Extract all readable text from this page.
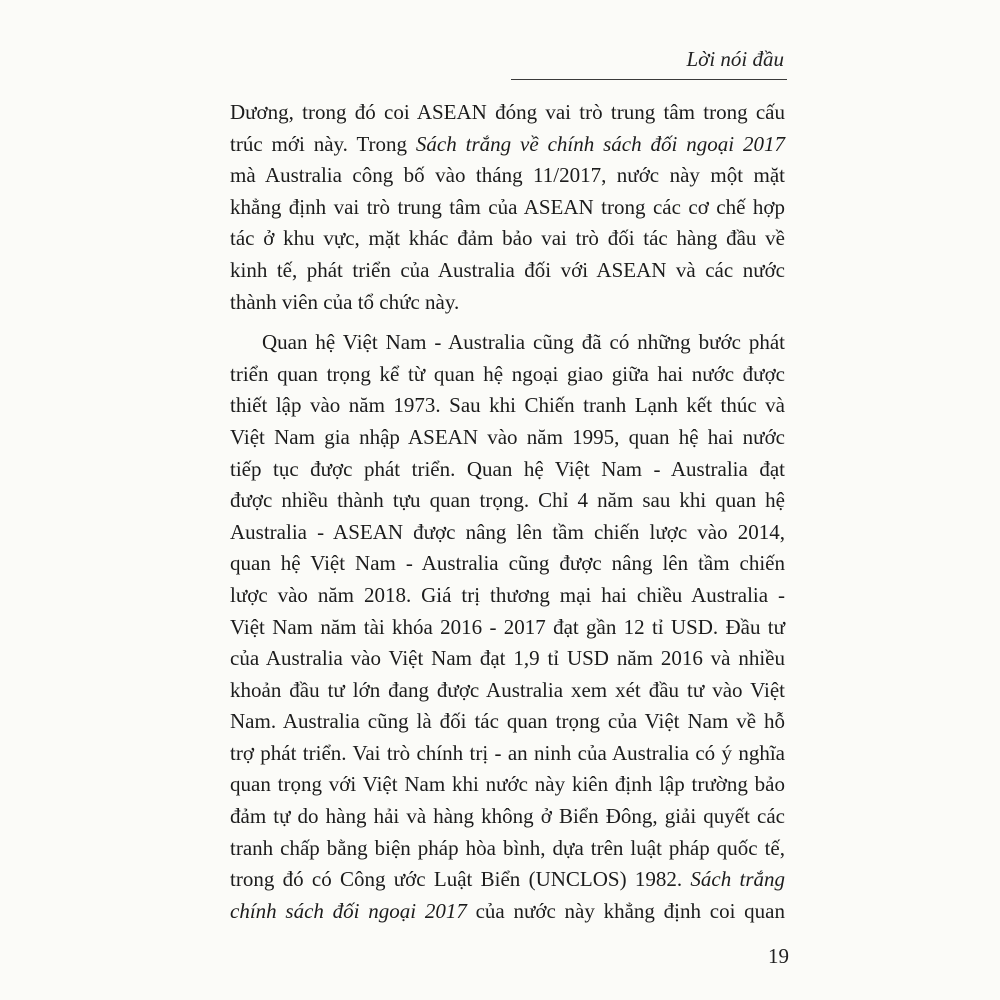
Lời nói đầu
Dương, trong đó coi ASEAN đóng vai trò trung tâm trong cấu
trúc mới này. Trong Sách trắng về chính sách đối ngoại 2017
mà Australia công bố vào tháng 11/2017, nước này một mặt
khẳng định vai trò trung tâm của ASEAN trong các cơ chế hợp
tác ở khu vực, mặt khác đảm bảo vai trò đối tác hàng đầu về
kinh tế, phát triển của Australia đối với ASEAN và các nước
thành viên của tổ chức này.
Quan hệ Việt Nam - Australia cũng đã có những bước phát
triển quan trọng kể từ quan hệ ngoại giao giữa hai nước được
thiết lập vào năm 1973. Sau khi Chiến tranh Lạnh kết thúc và
Việt Nam gia nhập ASEAN vào năm 1995, quan hệ hai nước
tiếp tục được phát triển. Quan hệ Việt Nam - Australia đạt
được nhiều thành tựu quan trọng. Chỉ 4 năm sau khi quan hệ
Australia - ASEAN được nâng lên tầm chiến lược vào 2014,
quan hệ Việt Nam - Australia cũng được nâng lên tầm chiến
lược vào năm 2018. Giá trị thương mại hai chiều Australia -
Việt Nam năm tài khóa 2016 - 2017 đạt gần 12 tỉ USD. Đầu tư
của Australia vào Việt Nam đạt 1,9 tỉ USD năm 2016 và nhiều
khoản đầu tư lớn đang được Australia xem xét đầu tư vào Việt
Nam. Australia cũng là đối tác quan trọng của Việt Nam về hỗ
trợ phát triển. Vai trò chính trị - an ninh của Australia có ý nghĩa
quan trọng với Việt Nam khi nước này kiên định lập trường bảo
đảm tự do hàng hải và hàng không ở Biển Đông, giải quyết các
tranh chấp bằng biện pháp hòa bình, dựa trên luật pháp quốc tế,
trong đó có Công ước Luật Biển (UNCLOS) 1982. Sách trắng
chính sách đối ngoại 2017 của nước này khẳng định coi quan
19
